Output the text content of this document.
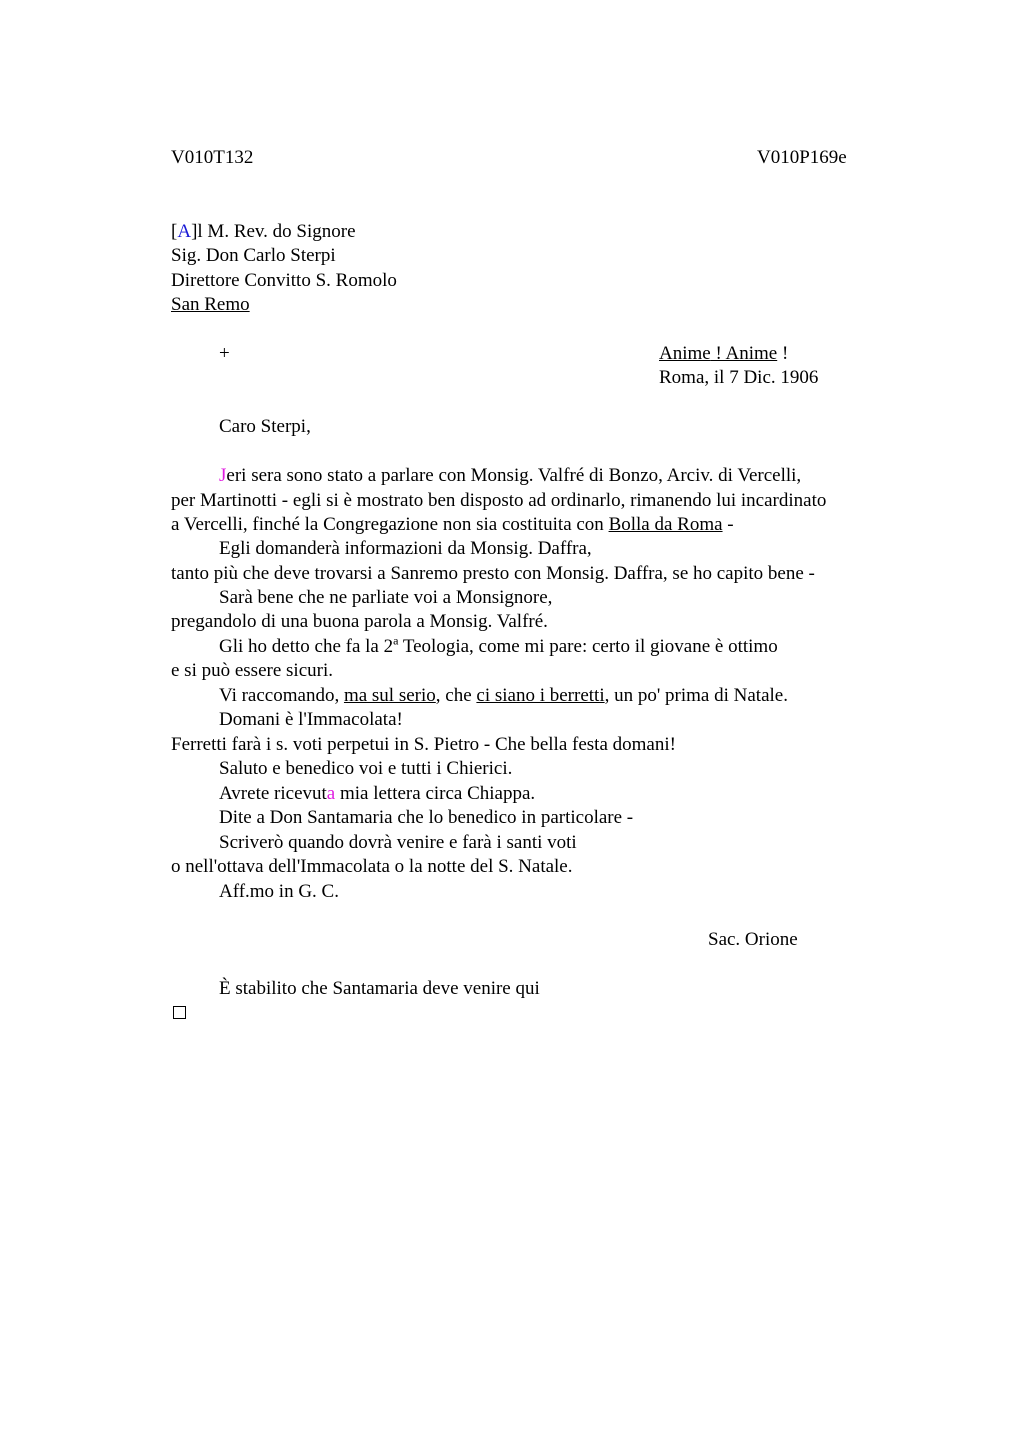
V010T132	V010P169e
[A]l M. Rev. do Signore
Sig. Don Carlo Sterpi
Direttore Convitto S. Romolo
San Remo
+	Anime ! Anime !
Roma, il 7 Dic. 1906
Caro Sterpi,
Jeri sera sono stato a parlare con Monsig. Valfré di Bonzo, Arciv. di Vercelli,
per Martinotti - egli si è mostrato ben disposto ad ordinarlo, rimanendo lui incardinato
a Vercelli, finché la Congregazione non sia costituita con Bolla da Roma -
Egli domanderà informazioni da Monsig. Daffra,
tanto più che deve trovarsi a Sanremo presto con Monsig. Daffra, se ho capito bene -
Sarà bene che ne parliate voi a Monsignore,
pregandolo di una buona parola a Monsig. Valfré.
Gli ho detto che fa la 2$^a$ Teologia, come mi pare: certo il giovane è ottimo
e si può essere sicuri.
Vi raccomando, ma sul serio, che ci siano i berretti, un po' prima di Natale.
Domani è l'Immacolata!
Ferretti farà i s. voti perpetui in S. Pietro - Che bella festa domani!
Saluto e benedico voi e tutti i Chierici.
Avrete ricevuta mia lettera circa Chiappa.
Dite a Don Santamaria che lo benedico in particolare -
Scriverò quando dovrà venire e farà i santi voti
o nell'ottava dell'Immacolata o la notte del S. Natale.
Aff.mo in G. C.
Sac. Orione
È stabilito che Santamaria deve venire qui
